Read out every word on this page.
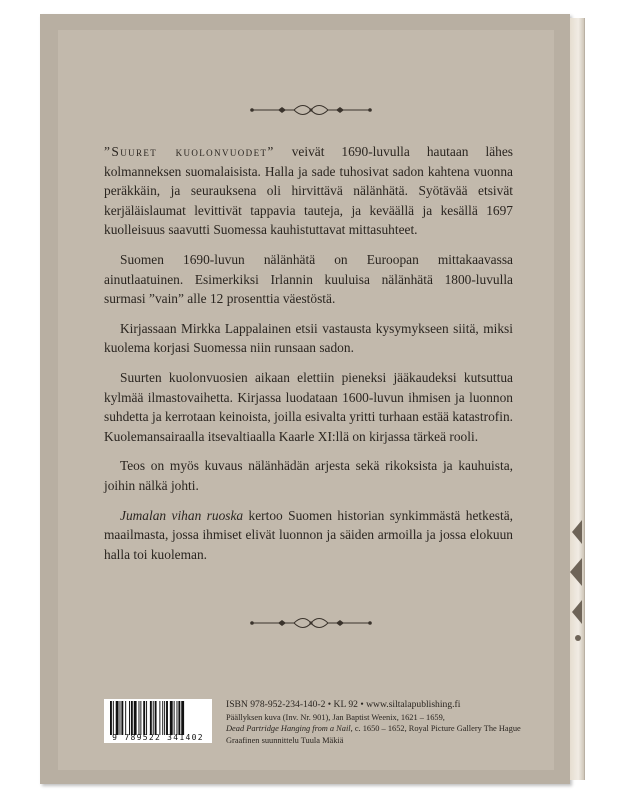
”Suuret kuolonvuodet” veivät 1690-luvulla hautaan lähes kolmanneksen suomalaisista. Halla ja sade tuhosivat sadon kahtena vuonna peräkkäin, ja seurauksena oli hirvittävä nälänhätä. Syötävää etsivät kerjäläislaumat levittivät tappavia tauteja, ja keväällä ja kesällä 1697 kuolleisuus saavutti Suomessa kauhistuttavat mittasuhteet.

Suomen 1690-luvun nälänhätä on Euroopan mittakaavassa ainutlaatuinen. Esimerkiksi Irlannin kuuluisa nälänhätä 1800-luvulla surmasi ”vain” alle 12 prosenttia väestöstä.

Kirjassaan Mirkka Lappalainen etsii vastausta kysymykseen siitä, miksi kuolema korjasi Suomessa niin runsaan sadon.

Suurten kuolonvuosien aikaan elettiin pieneksi jääkaudeksi kutsuttua kylmää ilmastovaihetta. Kirjassa luodataan 1600-luvun ihmisen ja luonnon suhdetta ja kerrotaan keinoista, joilla esivalta yritti turhaan estää katastrofin. Kuolemansairaalla itsevaltiaalla Kaarle XI:llä on kirjassa tärkeä rooli.

Teos on myös kuvaus nälänhädän arjesta sekä rikoksista ja kauhuista, joihin nälkä johti.

Jumalan vihan ruoska kertoo Suomen historian synkimmästä hetkestä, maailmasta, jossa ihmiset elivät luonnon ja säiden armoilla ja jossa elokuun halla toi kuoleman.

9 789522 341402
ISBN 978-952-234-140-2 • KL 92 • www.siltalapublishing.fi
Päällyksen kuva (Inv. Nr. 901), Jan Baptist Weenix, 1621 – 1659,
Dead Partridge Hanging from a Nail, c. 1650 – 1652, Royal Picture Gallery The Hague
Graafinen suunnittelu Tuula Mäkiä
